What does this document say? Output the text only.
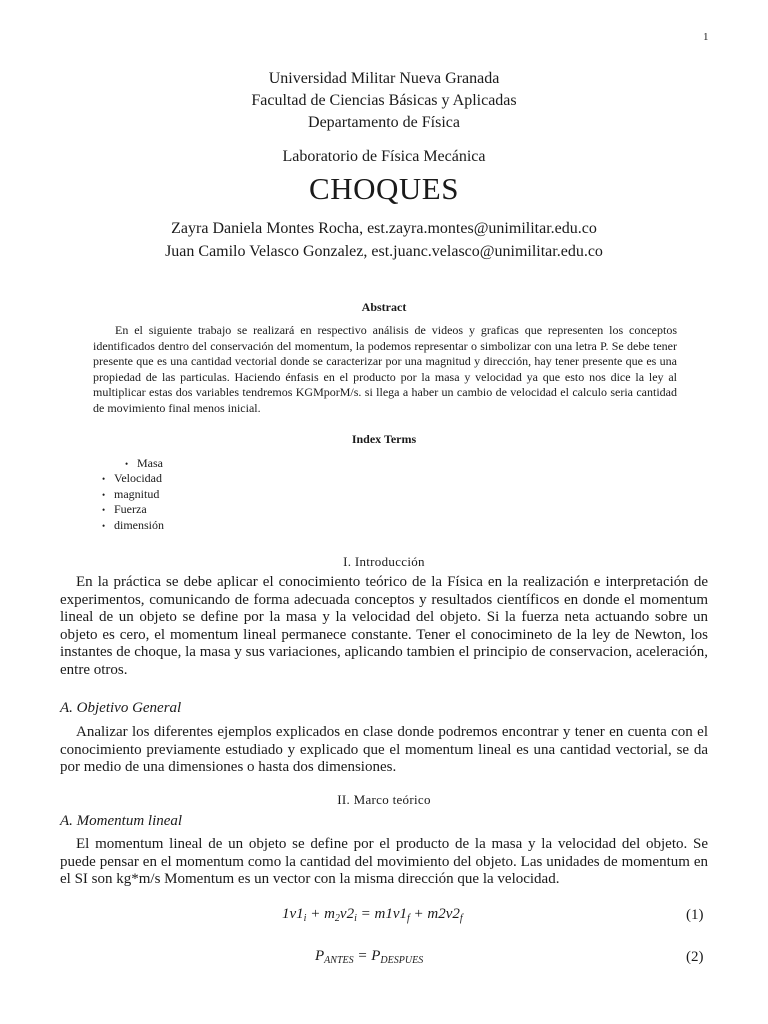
1
Universidad Militar Nueva Granada
Facultad de Ciencias Básicas y Aplicadas
Departamento de Física
Laboratorio de Física Mecánica
CHOQUES
Zayra Daniela Montes Rocha, est.zayra.montes@unimilitar.edu.co
Juan Camilo Velasco Gonzalez, est.juanc.velasco@unimilitar.edu.co
Abstract
En el siguiente trabajo se realizará en respectivo análisis de videos y graficas que representen los conceptos identificados dentro del conservación del momentum, la podemos representar o simbolizar con una letra P. Se debe tener presente que es una cantidad vectorial donde se caracterizar por una magnitud y dirección, hay tener presente que es una propiedad de las particulas. Haciendo énfasis en el producto por la masa y velocidad ya que esto nos dice la ley al multiplicar estas dos variables tendremos KGMporM/s. si llega a haber un cambio de velocidad el calculo seria cantidad de movimiento final menos inicial.
Index Terms
• Masa
• Velocidad
• magnitud
• Fuerza
• dimensión
I. Introducción
En la práctica se debe aplicar el conocimiento teórico de la Física en la realización e interpretación de experimentos, comunicando de forma adecuada conceptos y resultados científicos en donde el momentum lineal de un objeto se define por la masa y la velocidad del objeto. Si la fuerza neta actuando sobre un objeto es cero, el momentum lineal permanece constante. Tener el conocimineto de la ley de Newton, los instantes de choque, la masa y sus variaciones, aplicando tambien el principio de conservacion, aceleración, entre otros.
A. Objetivo General
Analizar los diferentes ejemplos explicados en clase donde podremos encontrar y tener en cuenta con el conocimiento previamente estudiado y explicado que el momentum lineal es una cantidad vectorial, se da por medio de una dimensiones o hasta dos dimensiones.
II. Marco teórico
A. Momentum lineal
El momentum lineal de un objeto se define por el producto de la masa y la velocidad del objeto. Se puede pensar en el momentum como la cantidad del movimiento del objeto. Las unidades de momentum en el SI son kg*m/s Momentum es un vector con la misma dirección que la velocidad.
$1v1_i + m_2v2_i = m1v1_f + m2v2_f$	(1)
$P_{ANTES} = P_{DESPUES}$	(2)
